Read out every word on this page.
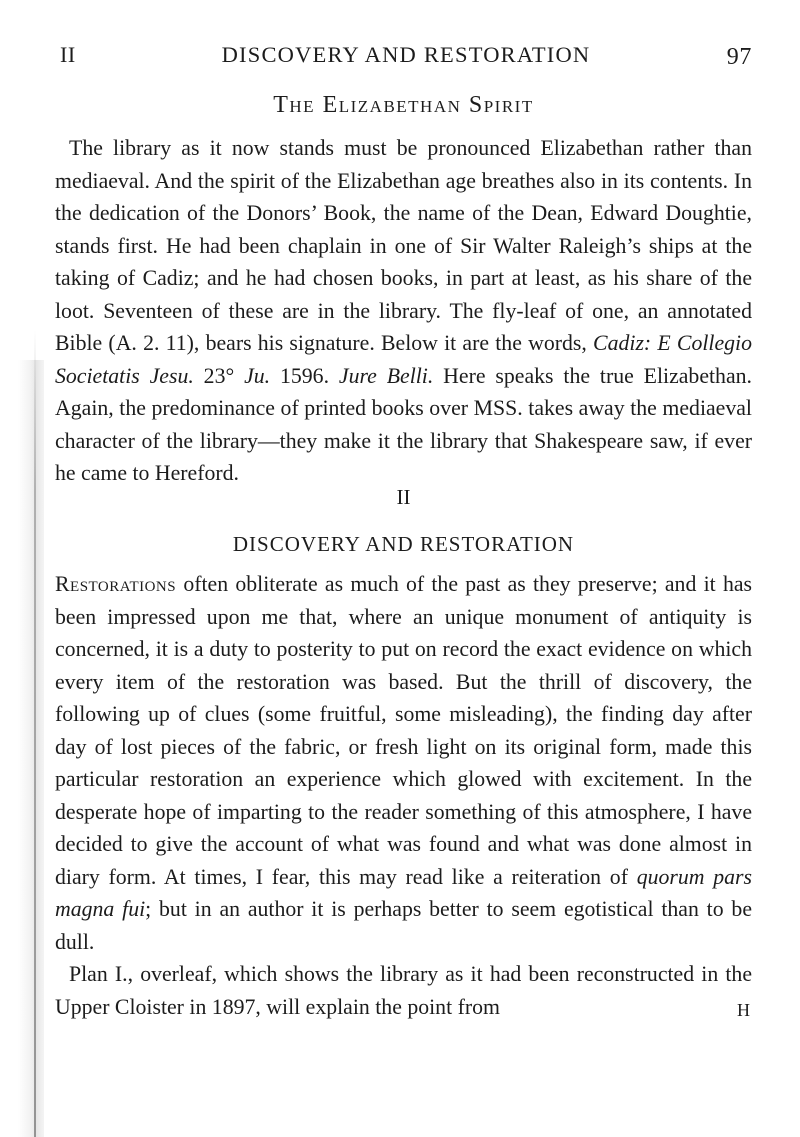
II	DISCOVERY AND RESTORATION	97
The Elizabethan Spirit

The library as it now stands must be pronounced Elizabethan rather than mediaeval. And the spirit of the Elizabethan age breathes also in its contents. In the dedication of the Donors’ Book, the name of the Dean, Edward Doughtie, stands first. He had been chaplain in one of Sir Walter Raleigh’s ships at the taking of Cadiz; and he had chosen books, in part at least, as his share of the loot. Seventeen of these are in the library. The fly-leaf of one, an annotated Bible (A. 2. 11), bears his signature. Below it are the words, Cadiz: E Collegio Societatis Jesu. 23° Ju. 1596. Jure Belli. Here speaks the true Elizabethan. Again, the predominance of printed books over MSS. takes away the mediaeval character of the library—they make it the library that Shakespeare saw, if ever he came to Hereford.

II
DISCOVERY AND RESTORATION

Restorations often obliterate as much of the past as they preserve; and it has been impressed upon me that, where an unique monument of antiquity is concerned, it is a duty to posterity to put on record the exact evidence on which every item of the restoration was based. But the thrill of discovery, the following up of clues (some fruitful, some misleading), the finding day after day of lost pieces of the fabric, or fresh light on its original form, made this particular restoration an experience which glowed with excitement. In the desperate hope of imparting to the reader something of this atmosphere, I have decided to give the account of what was found and what was done almost in diary form. At times, I fear, this may read like a reiteration of quorum pars magna fui; but in an author it is perhaps better to seem egotistical than to be dull.

Plan I., overleaf, which shows the library as it had been reconstructed in the Upper Cloister in 1897, will explain the point from	H
